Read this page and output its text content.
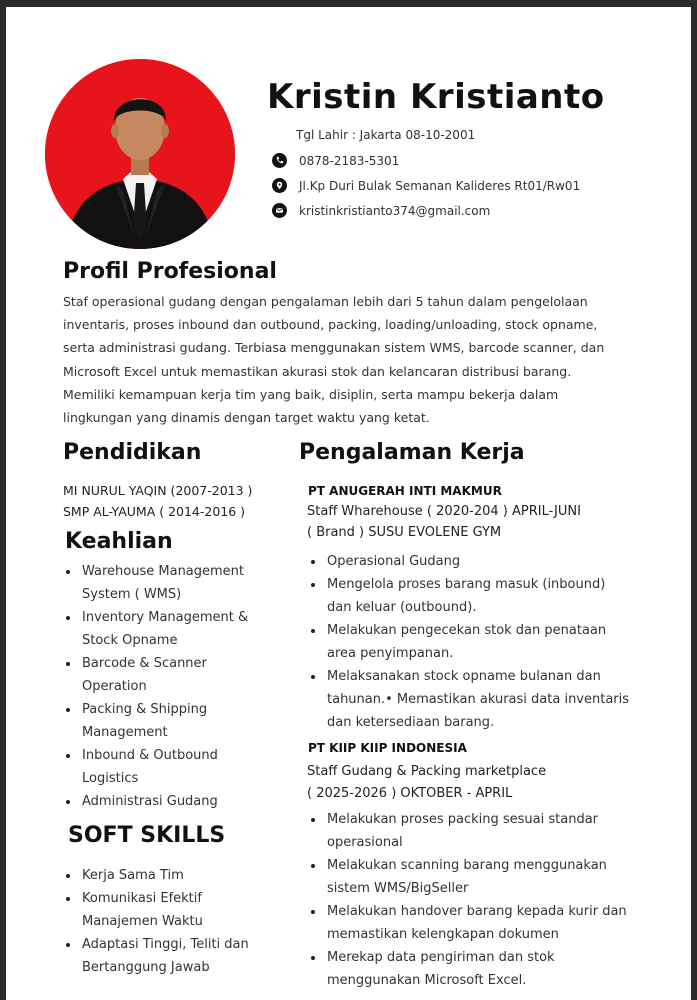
Kristin Kristianto
Tgl Lahir : Jakarta 08-10-2001
0878-2183-5301
Jl.Kp Duri Bulak Semanan Kalideres Rt01/Rw01
kristinkristianto374@gmail.com
Profil Profesional
Staf operasional gudang dengan pengalaman lebih dari 5 tahun dalam pengelolaan
inventaris, proses inbound dan outbound, packing, loading/unloading, stock opname,
serta administrasi gudang. Terbiasa menggunakan sistem WMS, barcode scanner, dan
Microsoft Excel untuk memastikan akurasi stok dan kelancaran distribusi barang.
Memiliki kemampuan kerja tim yang baik, disiplin, serta mampu bekerja dalam
lingkungan yang dinamis dengan target waktu yang ketat.
Pendidikan
MI NURUL YAQIN (2007-2013 )
SMP AL-YAUMA ( 2014-2016 )
Keahlian
Warehouse Management
System ( WMS)
Inventory Management &
Stock Opname
Barcode & Scanner
Operation
Packing & Shipping
Management
Inbound & Outbound
Logistics
Administrasi Gudang
SOFT SKILLS
Kerja Sama Tim
Komunikasi Efektif
Manajemen Waktu
Adaptasi Tinggi, Teliti dan
Bertanggung Jawab
Pengalaman Kerja
PT ANUGERAH INTI MAKMUR
Staff Wharehouse ( 2020-204 ) APRIL-JUNI
( Brand ) SUSU EVOLENE GYM
Operasional Gudang
Mengelola proses barang masuk (inbound)
dan keluar (outbound).
Melakukan pengecekan stok dan penataan
area penyimpanan.
Melaksanakan stock opname bulanan dan
tahunan.• Memastikan akurasi data inventaris
dan ketersediaan barang.
PT KIIP KIIP INDONESIA
Staff Gudang & Packing marketplace
( 2025-2026 ) OKTOBER - APRIL
Melakukan proses packing sesuai standar
operasional
Melakukan scanning barang menggunakan
sistem WMS/BigSeller
Melakukan handover barang kepada kurir dan
memastikan kelengkapan dokumen
Merekap data pengiriman dan stok
menggunakan Microsoft Excel.
